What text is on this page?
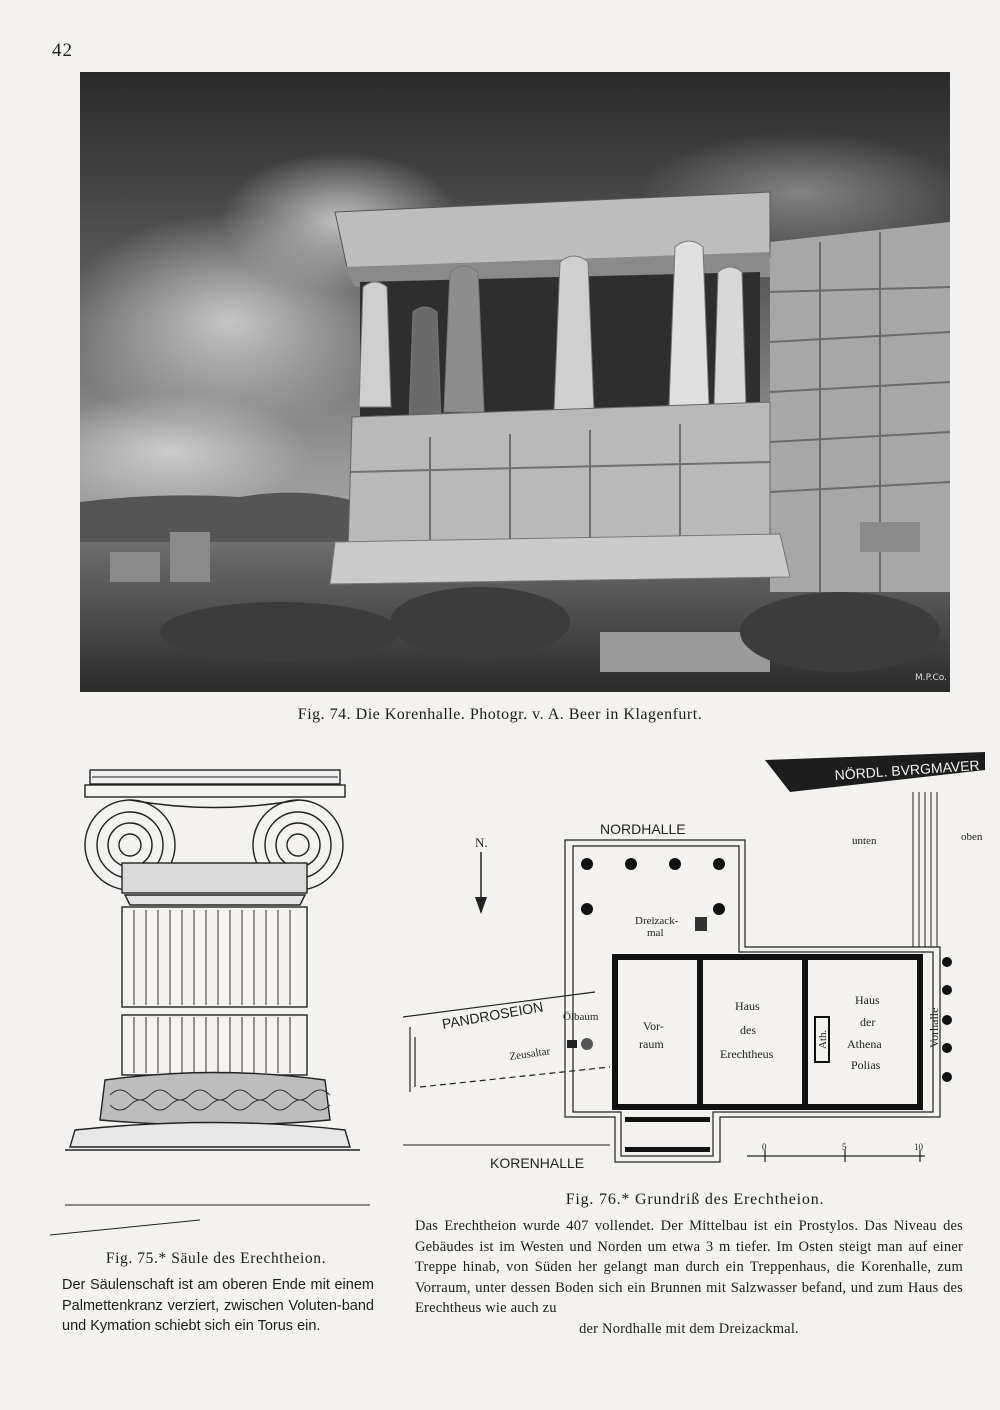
42
M.P.Co.
Fig. 74. Die Korenhalle. Photogr. v. A. Beer in Klagenfurt.
Fig. 75.* Säule des Erechtheion.
Der Säulenschaft ist am oberen Ende mit einem Palmettenkranz verziert, zwischen Voluten-band und Kymation schiebt sich ein Torus ein.
NÖRDL. BVRGMAVER
unten	oben
N.
NORDHALLE
Dreizack-
mal
Vor-
raum
Haus
des
Erechtheus
Ath.
Haus
der
Athena
Polias
Vorhalle
PANDROSEION Ölbaum
Zeusaltar
KORENHALLE
0	5	10
Fig. 76.* Grundriß des Erechtheion.
Das Erechtheion wurde 407 vollendet. Der Mittelbau ist ein Prostylos. Das Niveau des Gebäudes ist im Westen und Norden um etwa 3 m tiefer. Im Osten steigt man auf einer Treppe hinab, von Süden her gelangt man durch ein Treppenhaus, die Korenhalle, zum Vorraum, unter dessen Boden sich ein Brunnen mit Salzwasser befand, und zum Haus des Erechtheus wie auch zu
der Nordhalle mit dem Dreizackmal.
